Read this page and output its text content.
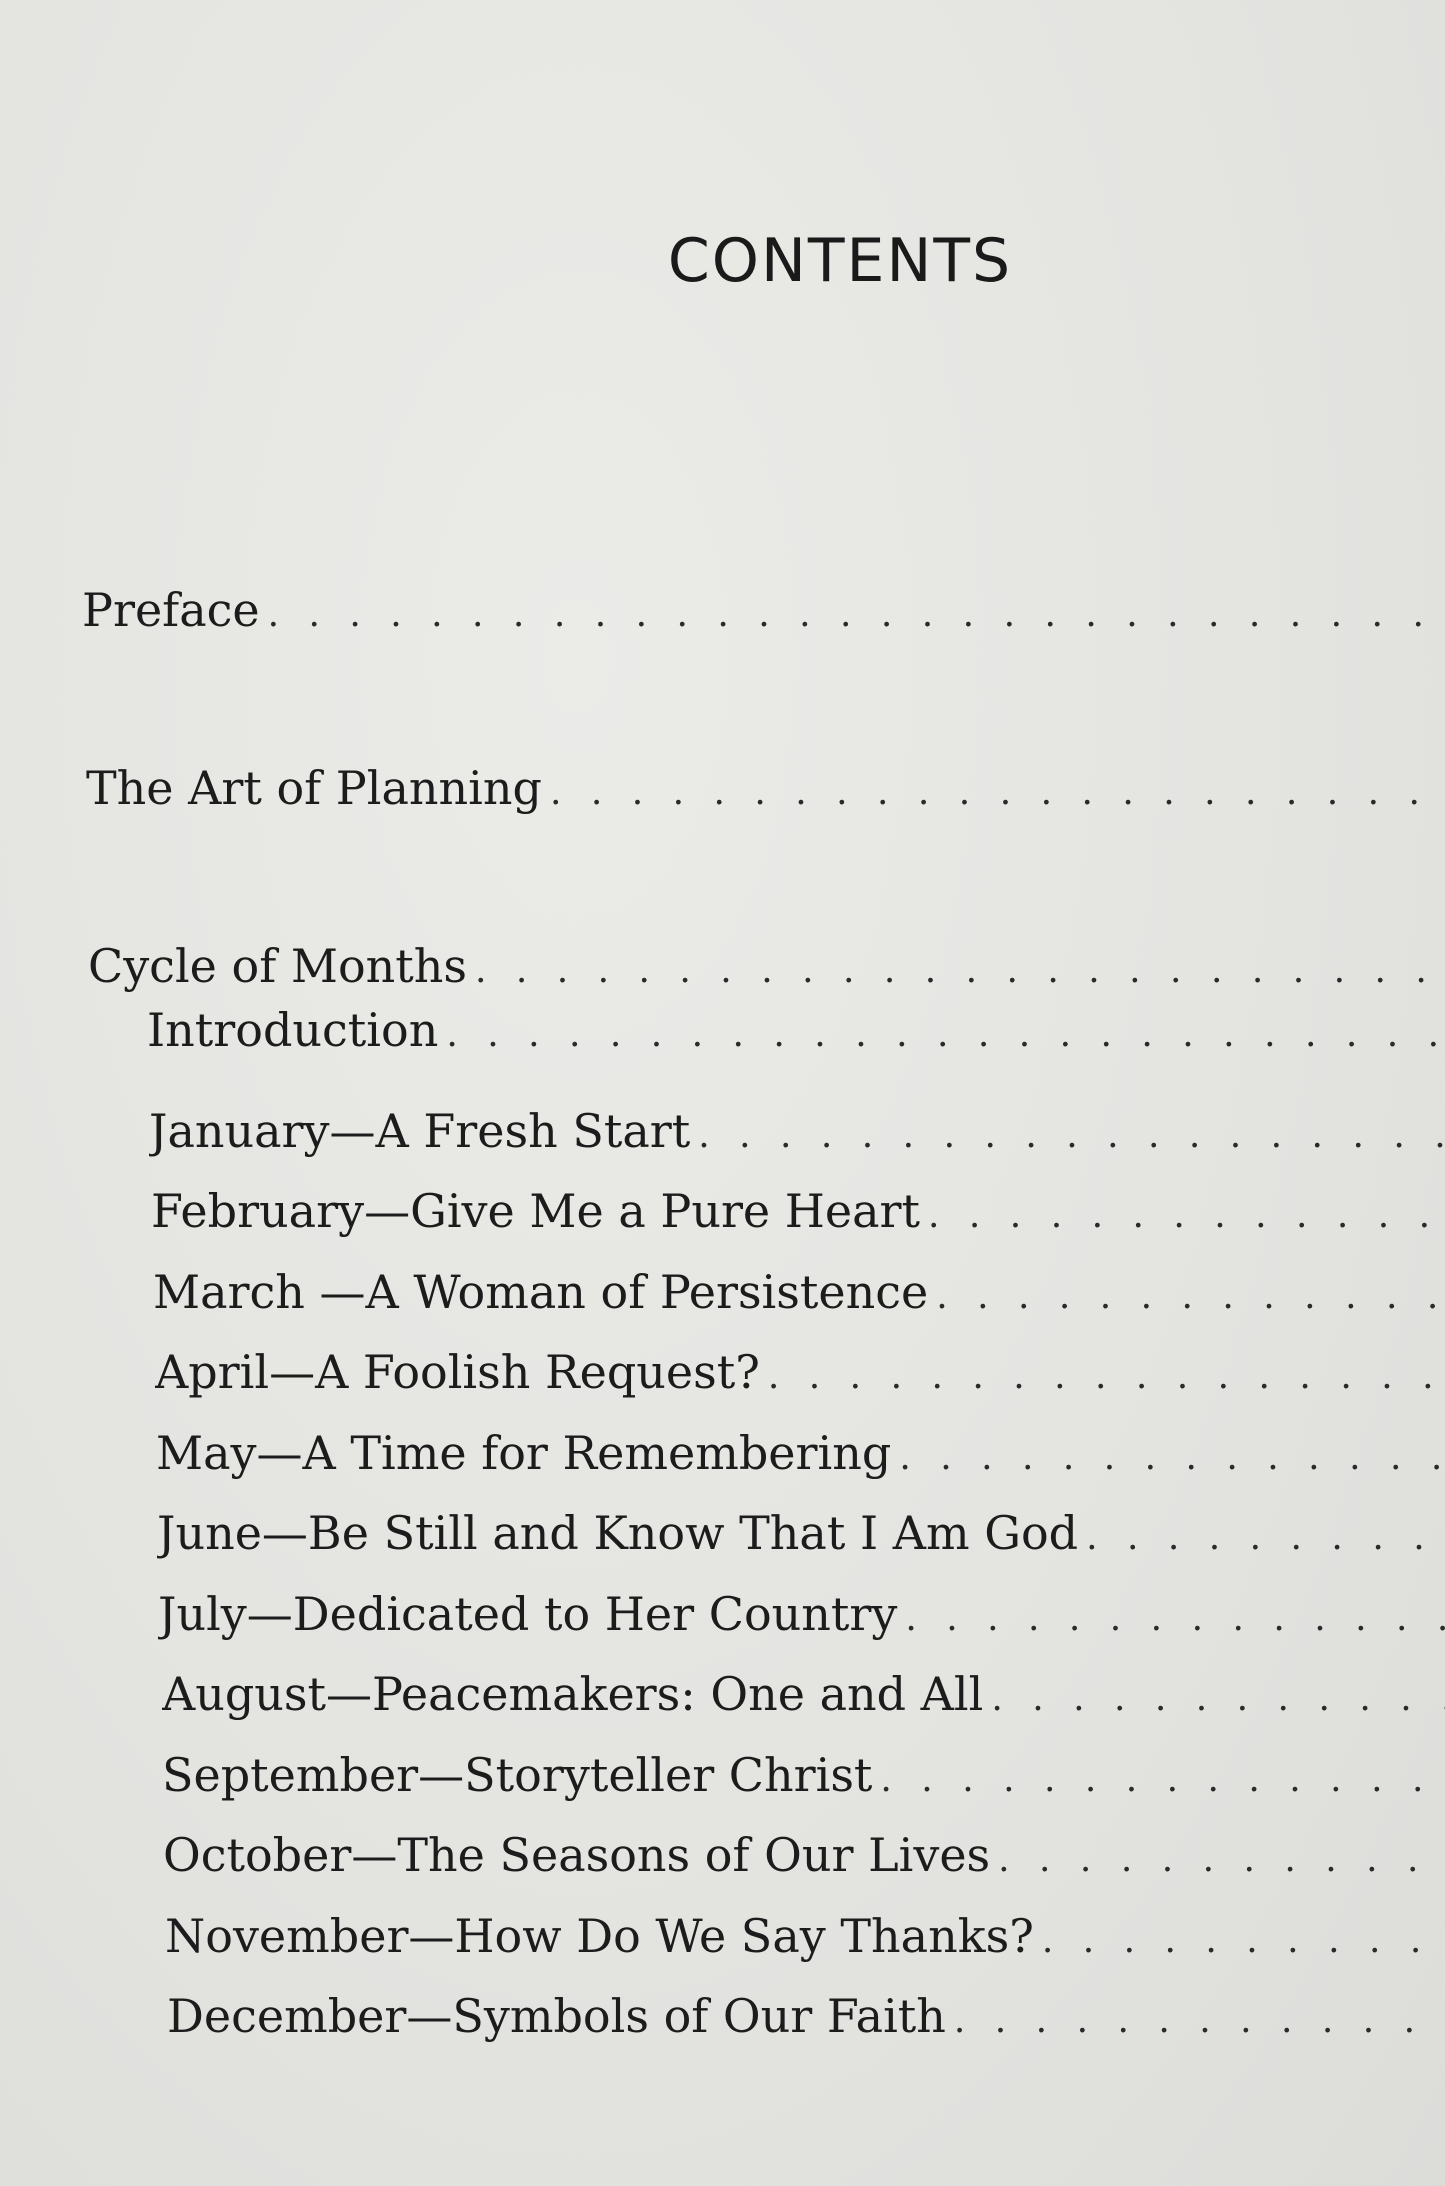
CONTENTS
Preface
. . .
The Art of Planning
. . .
Cycle of Months
. . .
Introduction
. . .
January—A Fresh Start
. . .
February—Give Me a Pure Heart
. . .
March —A Woman of Persistence
. . .
April—A Foolish Request?
. . .
May—A Time for Remembering
. . .
June—Be Still and Know That I Am God
. . .
July—Dedicated to Her Country
. . .
August—Peacemakers: One and All
. . .
September—Storyteller Christ
. . .
October—The Seasons of Our Lives
. . .
November—How Do We Say Thanks?
. . .
December—Symbols of Our Faith
. . .
